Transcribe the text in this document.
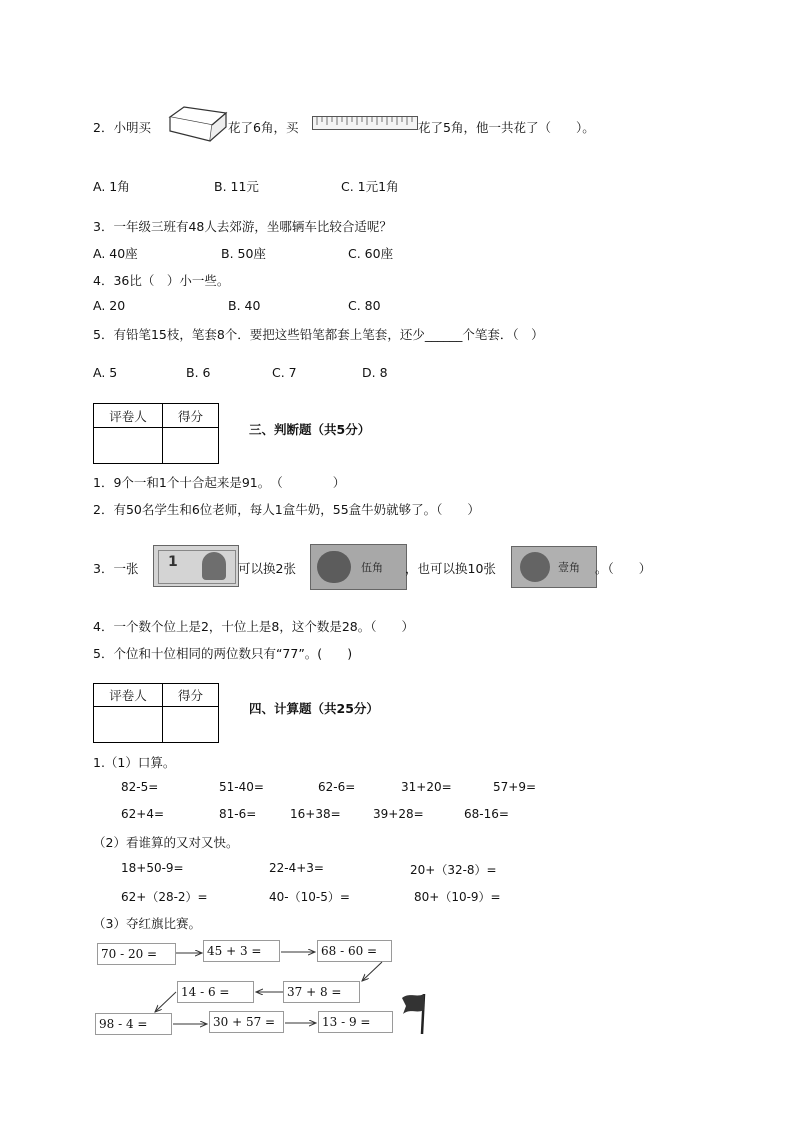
2．小明买	花了6角，买	花了5角，他一共花了（　　）。
A. 1角	B. 11元	C. 1元1角
3．一年级三班有48人去郊游，坐哪辆车比较合适呢？
A. 40座	B. 50座	C. 60座
4．36比（　）小一些。
A. 20	B. 40	C. 80
5．有铅笔15枝，笔套8个．要把这些铅笔都套上笔套，还少______个笔套．（　）
A. 5	B. 6	C. 7	D. 8
评卷人	得分
三、判断题（共5分）
1．9个一和1个十合起来是91。　（　　　　）
2．有50名学生和6位老师，每人1盒牛奶，55盒牛奶就够了。（　　）
3．一张 1	可以换2张	伍角 ，也可以换10张	壹角 。（　　）
4．一个数个位上是2，十位上是8，这个数是28。（　　）
5．个位和十位相同的两位数只有“77”。(　　)
评卷人	得分
四、计算题（共25分）
1.（1）口算。
82-5=	51-40=	62-6=	31+20=	57+9=
62+4=	81-6=	16+38=	39+28=	68-16=
（2）看谁算的又对又快。
18+50-9=	22-4+3=	20+（32-8）=
62+（28-2）=	40-（10-5）=	80+（10-9）=
（3）夺红旗比赛。
70 - 20 =	45 + 3 =	68 - 60 =
37 + 8 =
14 - 6 =
98 - 4 =	30 + 57 =	13 - 9 =
